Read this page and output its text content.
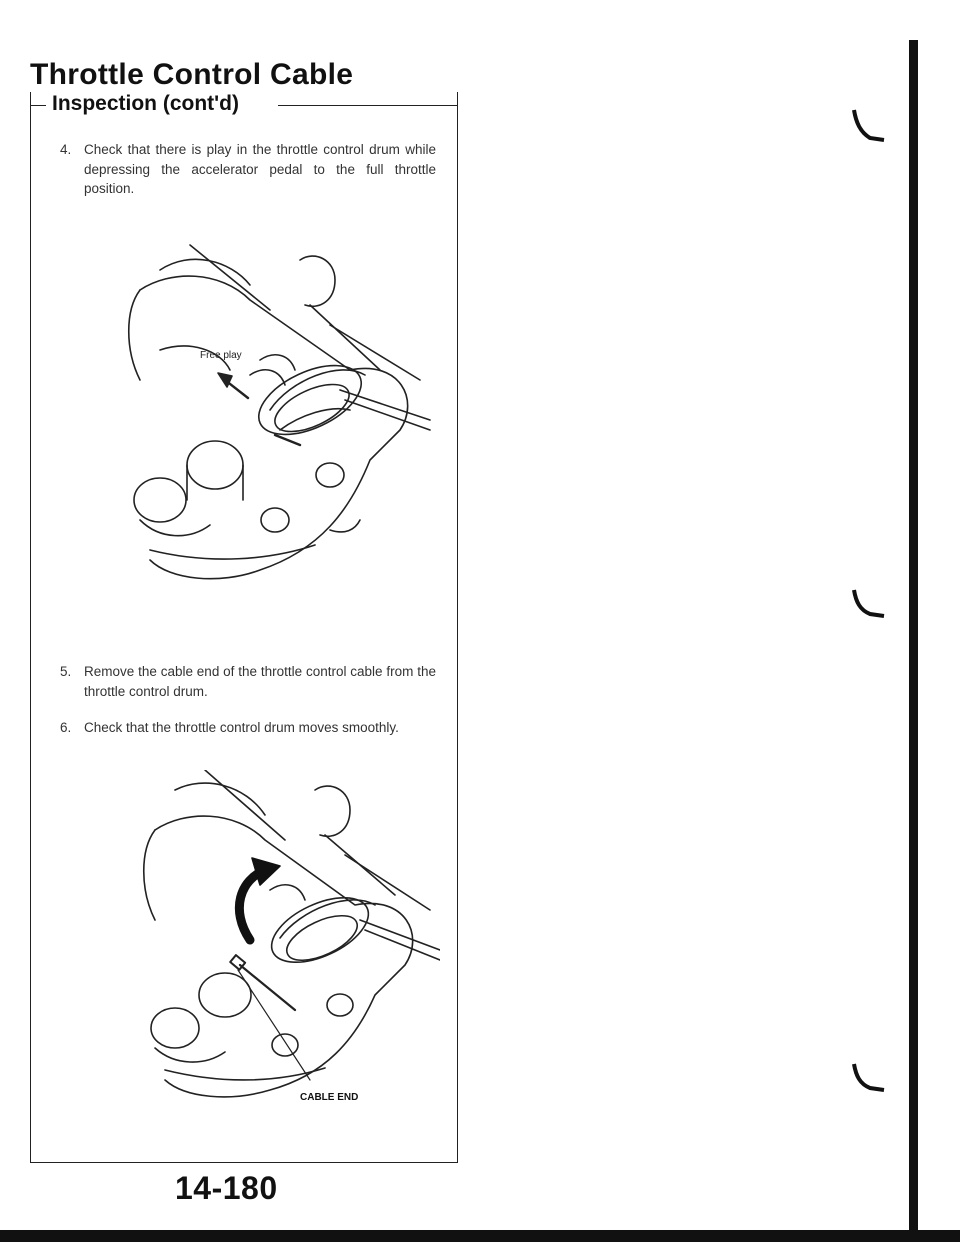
Throttle Control Cable
Inspection (cont'd)
4. Check that there is play in the throttle control drum while depressing the accelerator pedal to the full throttle position.
Free play
5. Remove the cable end of the throttle control cable from the throttle control drum.
6. Check that the throttle control drum moves smoothly.
CABLE END
14-180
